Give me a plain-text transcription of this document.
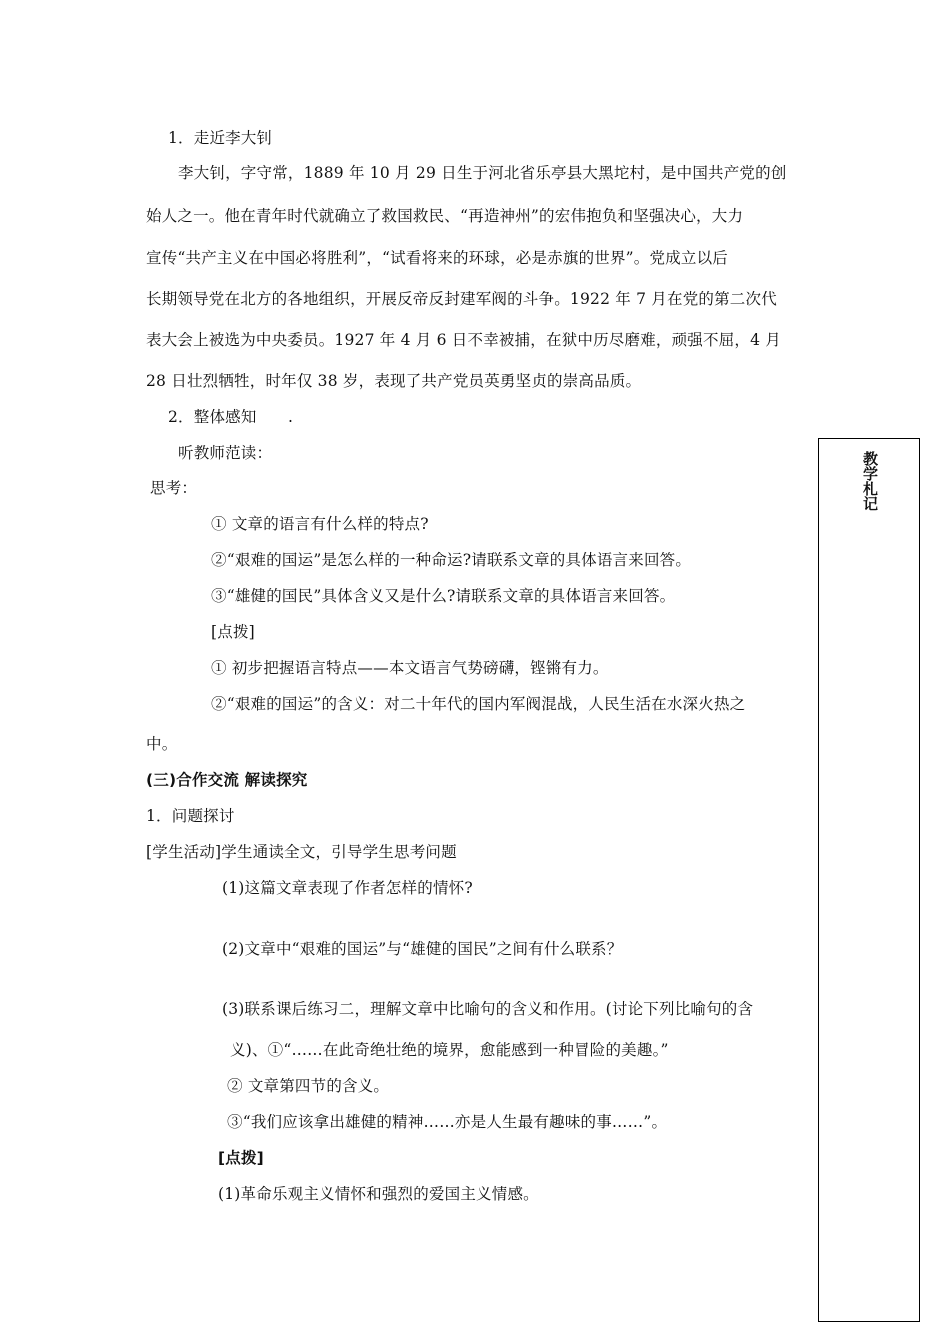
教学札记
1．走近李大钊
李大钊，字守常，1889 年 10 月 29 日生于河北省乐亭县大黑坨村，是中国共产党的创
始人之一。他在青年时代就确立了救国救民、“再造神州”的宏伟抱负和坚强决心，大力
宣传“共产主义在中国必将胜利”，“试看将来的环球，必是赤旗的世界”。党成立以后
长期领导党在北方的各地组织，开展反帝反封建军阀的斗争。1922 年 7 月在党的第二次代
表大会上被选为中央委员。1927 年 4 月 6 日不幸被捕，在狱中历尽磨难，顽强不屈，4 月
28 日壮烈牺牲，时年仅 38 岁，表现了共产党员英勇坚贞的崇高品质。
2．整体感知　　.
听教师范读：
思考：
① 文章的语言有什么样的特点?
②“艰难的国运”是怎么样的一种命运?请联系文章的具体语言来回答。
③“雄健的国民”具体含义又是什么?请联系文章的具体语言来回答。
[点拨]
① 初步把握语言特点——本文语言气势磅礴，铿锵有力。
②“艰难的国运”的含义：对二十年代的国内军阀混战，人民生活在水深火热之
中。
(三)合作交流 解读探究
1．问题探讨
[学生活动]学生通读全文，引导学生思考问题
(1)这篇文章表现了作者怎样的情怀?
(2)文章中“艰难的国运”与“雄健的国民”之间有什么联系？
(3)联系课后练习二，理解文章中比喻句的含义和作用。(讨论下列比喻句的含
义)、①“……在此奇绝壮绝的境界，愈能感到一种冒险的美趣。”
② 文章第四节的含义。
③“我们应该拿出雄健的精神……亦是人生最有趣味的事……”。
[点拨]
(1)革命乐观主义情怀和强烈的爱国主义情感。
